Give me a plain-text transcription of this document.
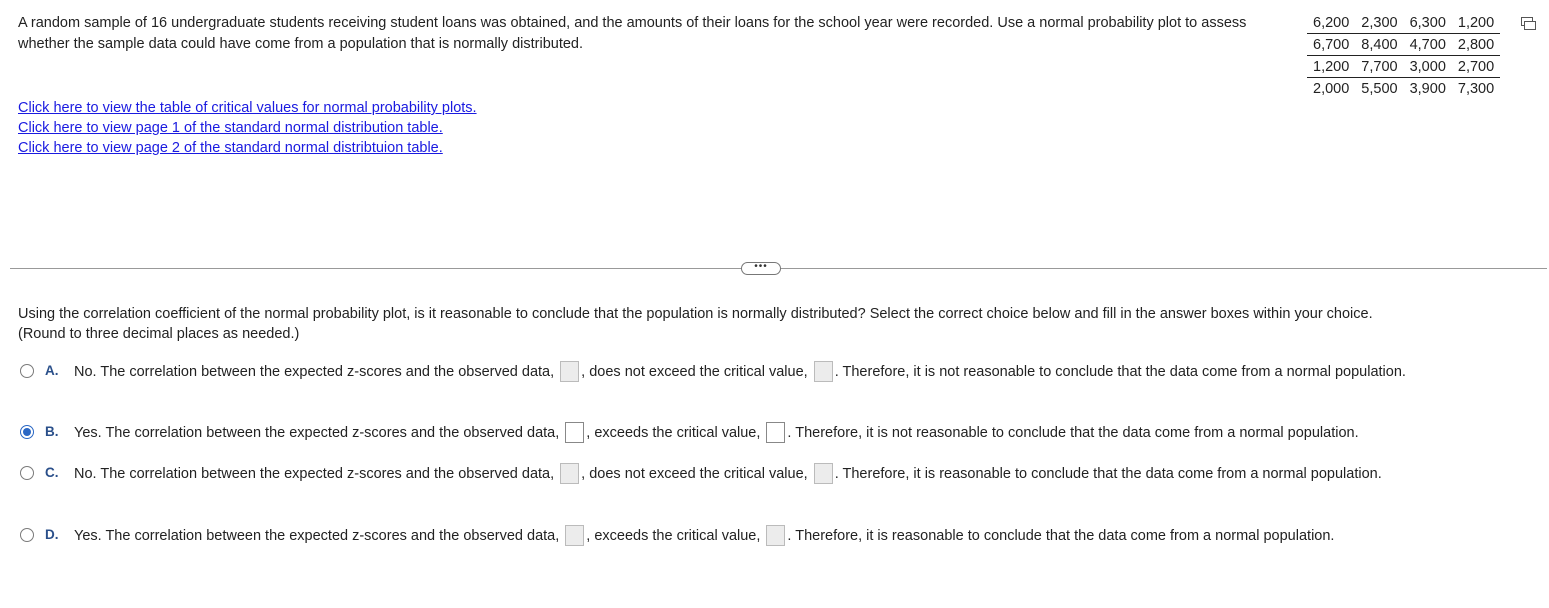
A random sample of 16 undergraduate students receiving student loans was obtained, and the amounts of their loans for the school year were recorded. Use a normal probability plot to assess whether the sample data could have come from a population that is normally distributed.
6,200	2,300	6,300	1,200
6,700	8,400	4,700	2,800
1,200	7,700	3,000	2,700
2,000	5,500	3,900	7,300
Click here to view the table of critical values for normal probability plots.
Click here to view page 1 of the standard normal distribution table.
Click here to view page 2 of the standard normal distribtuion table.
•••
Using the correlation coefficient of the normal probability plot, is it reasonable to conclude that the population is normally distributed? Select the correct choice below and fill in the answer boxes within your choice.
(Round to three decimal places as needed.)
A. No. The correlation between the expected z-scores and the observed data, , does not exceed the critical value, . Therefore, it is not reasonable to conclude that the data come from a normal population.
B. Yes. The correlation between the expected z-scores and the observed data, , exceeds the critical value, . Therefore, it is not reasonable to conclude that the data come from a normal population.
C. No. The correlation between the expected z-scores and the observed data, , does not exceed the critical value, . Therefore, it is reasonable to conclude that the data come from a normal population.
D. Yes. The correlation between the expected z-scores and the observed data, , exceeds the critical value, . Therefore, it is reasonable to conclude that the data come from a normal population.
